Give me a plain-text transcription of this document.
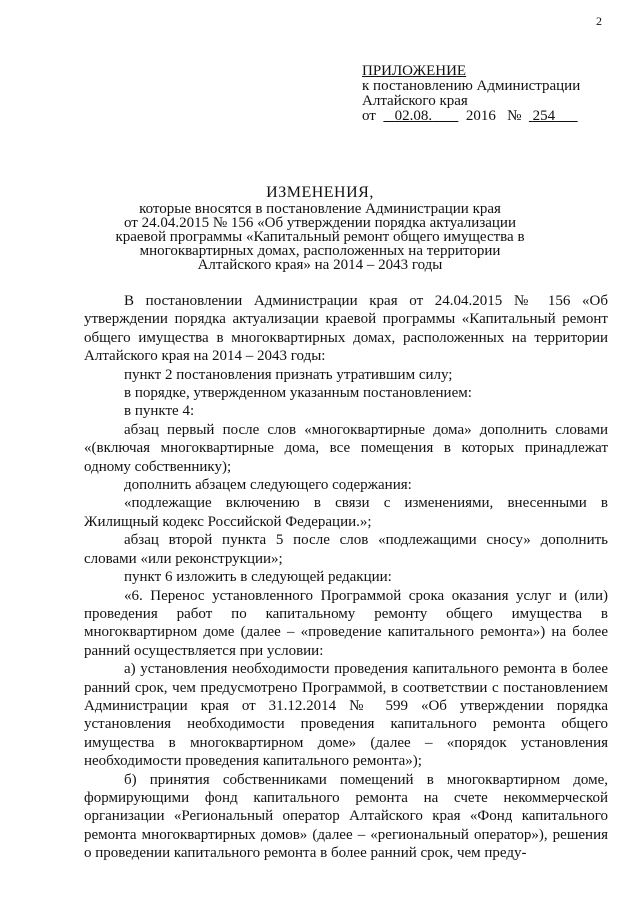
2
ПРИЛОЖЕНИЕ
к постановлению Администрации
Алтайского края
от 02.08. 2016 № 254
ИЗМЕНЕНИЯ,
которые вносятся в постановление Администрации края
от 24.04.2015 № 156 «Об утверждении порядка актуализации
краевой программы «Капитальный ремонт общего имущества в
многоквартирных домах, расположенных на территории
Алтайского края» на 2014 – 2043 годы

В постановлении Администрации края от 24.04.2015 № 156 «Об утверждении порядка актуализации краевой программы «Капитальный ремонт общего имущества в многоквартирных домах, расположенных на территории Алтайского края на 2014 – 2043 годы:

пункт 2 постановления признать утратившим силу;

в порядке, утвержденном указанным постановлением:

в пункте 4:

абзац первый после слов «многоквартирные дома» дополнить словами «(включая многоквартирные дома, все помещения в которых принадлежат одному собственнику);

дополнить абзацем следующего содержания:

«подлежащие включению в связи с изменениями, внесенными в Жилищный кодекс Российской Федерации.»;

абзац второй пункта 5 после слов «подлежащими сносу» дополнить словами «или реконструкции»;

пункт 6 изложить в следующей редакции:

«6. Перенос установленного Программой срока оказания услуг и (или) проведения работ по капитальному ремонту общего имущества в многоквартирном доме (далее – «проведение капитального ремонта») на более ранний осуществляется при условии:

а) установления необходимости проведения капитального ремонта в более ранний срок, чем предусмотрено Программой, в соответствии с постановлением Администрации края от 31.12.2014 № 599 «Об утверждении порядка установления необходимости проведения капитального ремонта общего имущества в многоквартирном доме» (далее – «порядок установления необходимости проведения капитального ремонта»);

б) принятия собственниками помещений в многоквартирном доме, формирующими фонд капитального ремонта на счете некоммерческой организации «Региональный оператор Алтайского края «Фонд капитального ремонта многоквартирных домов» (далее – «региональный оператор»), решения о проведении капитального ремонта в более ранний срок, чем преду-
